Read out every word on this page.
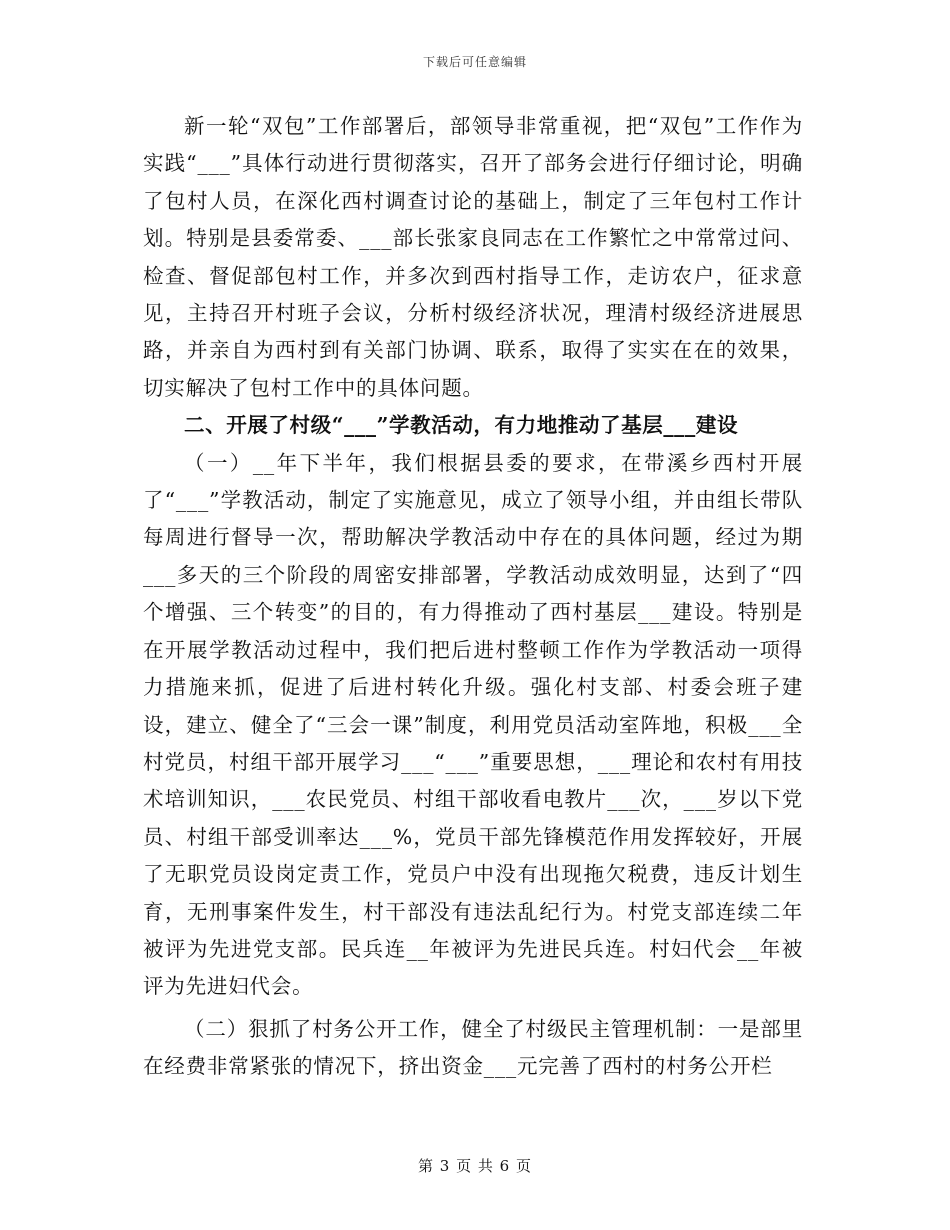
下载后可任意编辑

新一轮“双包”工作部署后，部领导非常重视，把“双包”工作作为实践“___”具体行动进行贯彻落实，召开了部务会进行仔细讨论，明确了包村人员，在深化西村调查讨论的基础上，制定了三年包村工作计划。特别是县委常委、___部长张家良同志在工作繁忙之中常常过问、检查、督促部包村工作，并多次到西村指导工作，走访农户，征求意见，主持召开村班子会议，分析村级经济状况，理清村级经济进展思路，并亲自为西村到有关部门协调、联系，取得了实实在在的效果，切实解决了包村工作中的具体问题。

二、开展了村级“___”学教活动，有力地推动了基层___建设

（一）__年下半年，我们根据县委的要求，在带溪乡西村开展了“___”学教活动，制定了实施意见，成立了领导小组，并由组长带队每周进行督导一次，帮助解决学教活动中存在的具体问题，经过为期___多天的三个阶段的周密安排部署，学教活动成效明显，达到了“四个增强、三个转变”的目的，有力得推动了西村基层___建设。特别是在开展学教活动过程中，我们把后进村整顿工作作为学教活动一项得力措施来抓，促进了后进村转化升级。强化村支部、村委会班子建设，建立、健全了“三会一课”制度，利用党员活动室阵地，积极___全村党员，村组干部开展学习___“___”重要思想，___理论和农村有用技术培训知识，___农民党员、村组干部收看电教片___次，___岁以下党员、村组干部受训率达___%，党员干部先锋模范作用发挥较好，开展了无职党员设岗定责工作，党员户中没有出现拖欠税费，违反计划生育，无刑事案件发生，村干部没有违法乱纪行为。村党支部连续二年被评为先进党支部。民兵连__年被评为先进民兵连。村妇代会__年被评为先进妇代会。

（二）狠抓了村务公开工作，健全了村级民主管理机制：一是部里在经费非常紧张的情况下，挤出资金___元完善了西村的村务公开栏

第 3 页 共 6 页
